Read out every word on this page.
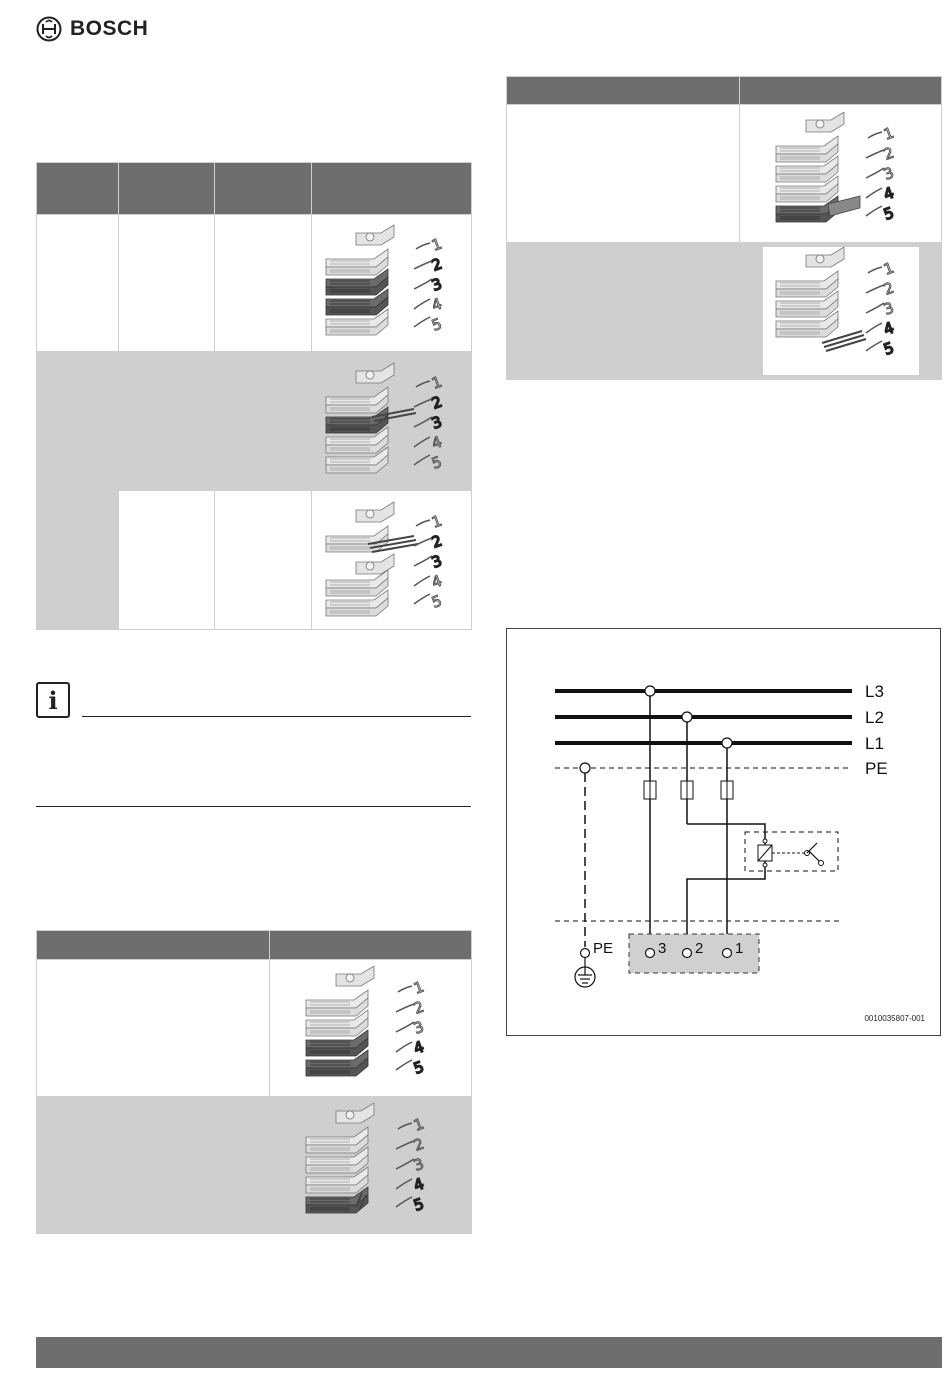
BOSCH

1
2
3
4
5

1
2
3
4
5

1
2
3
4
5
i

1
2
3
4
5

1
2
3
4
5

1
2
3
4
5

1
2
3
4
5
L3
L2
L1
PE
PE	3 2 1
0010035807-001
